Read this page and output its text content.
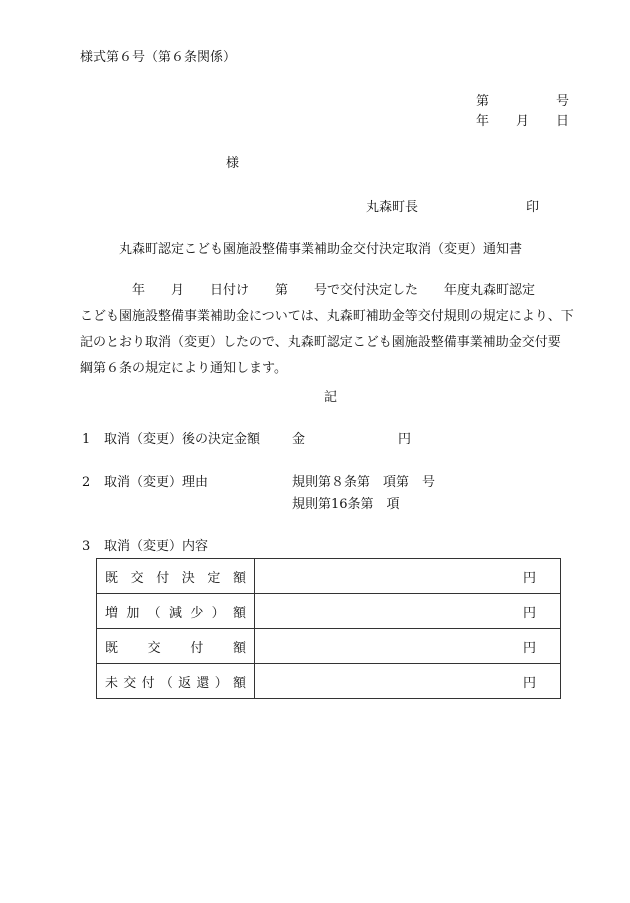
様式第６号（第６条関係）
第	号
年 月 日
様
丸森町長	印
丸森町認定こども園施設整備事業補助金交付決定取消（変更）通知書
　　　　年　　月　　日付け　　第　　号で交付決定した　　年度丸森町認定
こども園施設整備事業補助金については、丸森町補助金等交付規則の規定により、下
記のとおり取消（変更）したので、丸森町認定こども園施設整備事業補助金交付要
綱第６条の規定により通知します。
記
1 取消（変更）後の決定金額 金	円
2 取消（変更）理由	規則第８条第　項第　号
規則第16条第　項
3 取消（変更）内容
既交付決定額	円

増加（減少）額	円

既交付額	円

未交付（返還）額	円
